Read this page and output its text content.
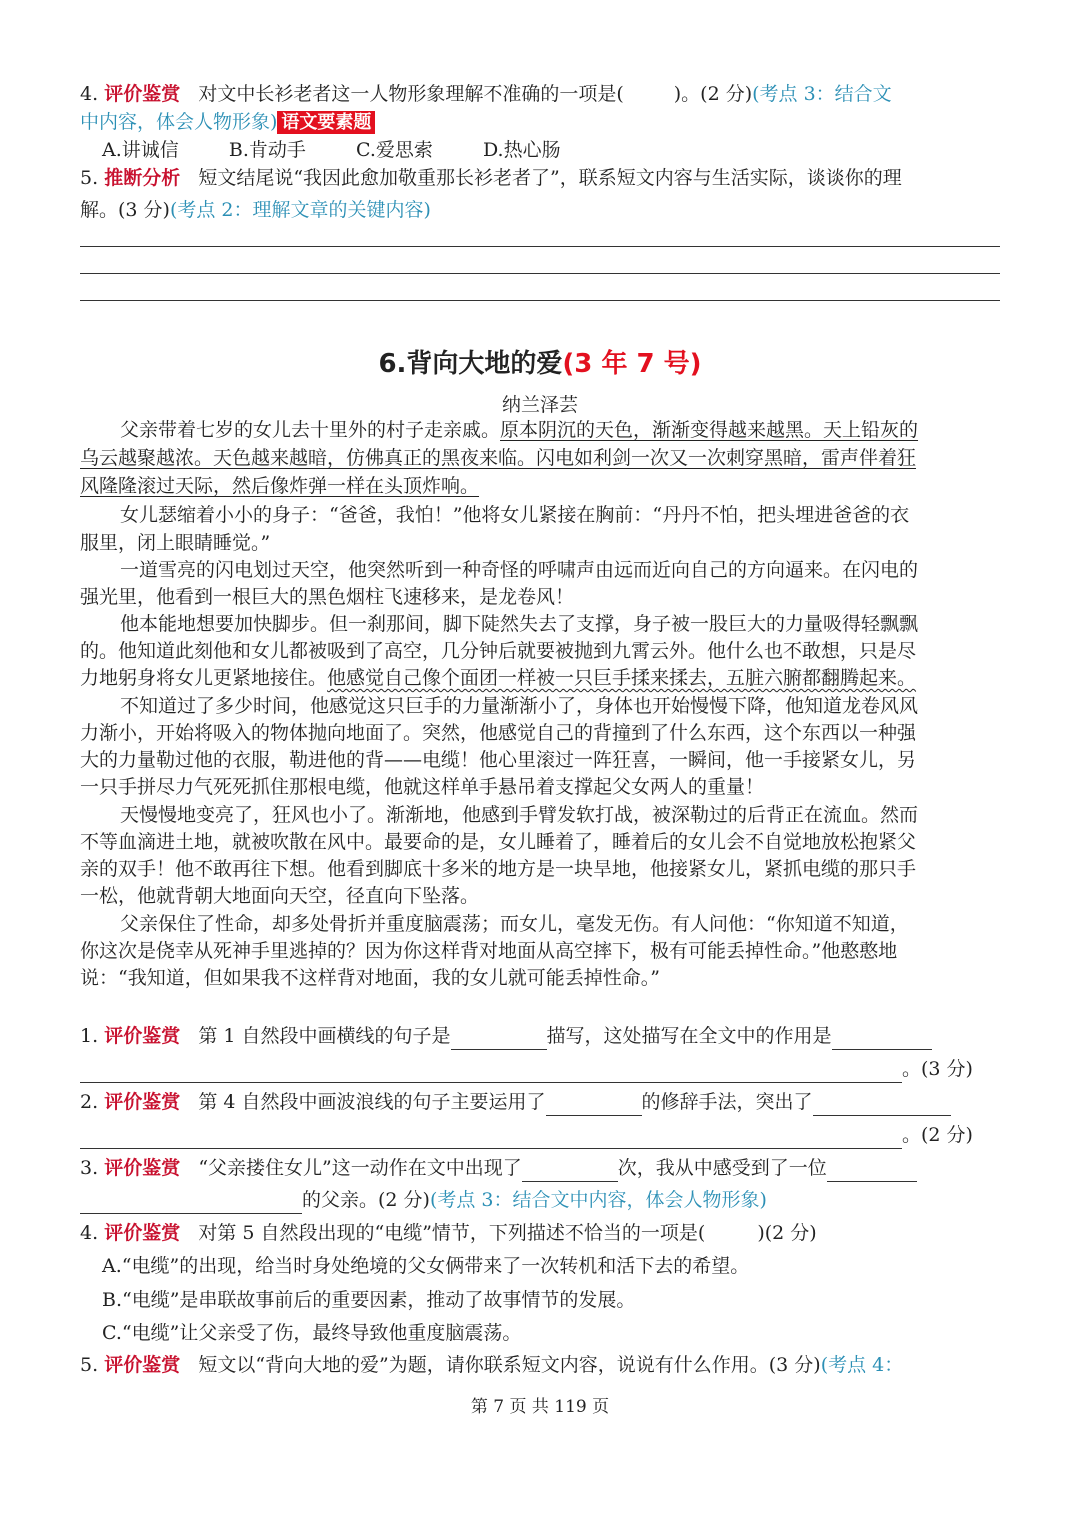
4. 评价鉴赏 对文中长衫老者这一人物形象理解不准确的一项是(	)。(2 分)(考点 3：结合文
中内容，体会人物形象) 语文要素题
A.讲诚信	B.肯动手	C.爱思索	D.热心肠
5. 推断分析 短文结尾说“我因此愈加敬重那长衫老者了”，联系短文内容与生活实际，谈谈你的理
解。(3 分)(考点 2：理解文章的关键内容)
6.背向大地的爱(3 年 7 号)
纳兰泽芸
父亲带着七岁的女儿去十里外的村子走亲戚。原本阴沉的天色，渐渐变得越来越黑。天上铅灰的
乌云越聚越浓。天色越来越暗，仿佛真正的黑夜来临。闪电如利剑一次又一次刺穿黑暗，雷声伴着狂
风隆隆滚过天际，然后像炸弹一样在头顶炸响。
女儿瑟缩着小小的身子：“爸爸，我怕！”他将女儿紧接在胸前：“丹丹不怕，把头埋进爸爸的衣
服里，闭上眼睛睡觉。”
一道雪亮的闪电划过天空，他突然听到一种奇怪的呼啸声由远而近向自己的方向逼来。在闪电的
强光里，他看到一根巨大的黑色烟柱飞速移来，是龙卷风！
他本能地想要加快脚步。但一刹那间，脚下陡然失去了支撑，身子被一股巨大的力量吸得轻飘飘
的。他知道此刻他和女儿都被吸到了高空，几分钟后就要被抛到九霄云外。他什么也不敢想，只是尽
力地躬身将女儿更紧地接住。他感觉自己像个面团一样被一只巨手揉来揉去，五脏六腑都翻腾起来。
不知道过了多少时间，他感觉这只巨手的力量渐渐小了，身体也开始慢慢下降，他知道龙卷风风
力渐小，开始将吸入的物体抛向地面了。突然，他感觉自己的背撞到了什么东西，这个东西以一种强
大的力量勒过他的衣服，勒进他的背——电缆！他心里滚过一阵狂喜，一瞬间，他一手接紧女儿，另
一只手拼尽力气死死抓住那根电缆，他就这样单手悬吊着支撑起父女两人的重量！
天慢慢地变亮了，狂风也小了。渐渐地，他感到手臂发软打战，被深勒过的后背正在流血。然而
不等血滴进土地，就被吹散在风中。最要命的是，女儿睡着了，睡着后的女儿会不自觉地放松抱紧父
亲的双手！他不敢再往下想。他看到脚底十多米的地方是一块旱地，他接紧女儿，紧抓电缆的那只手
一松，他就背朝大地面向天空，径直向下坠落。
父亲保住了性命，却多处骨折并重度脑震荡；而女儿，毫发无伤。有人问他：“你知道不知道，
你这次是侥幸从死神手里逃掉的？因为你这样背对地面从高空摔下，极有可能丢掉性命。”他憨憨地
说：“我知道，但如果我不这样背对地面，我的女儿就可能丢掉性命。”
1. 评价鉴赏 第 1 自然段中画横线的句子是	描写，这处描写在全文中的作用是
。(3 分)
2. 评价鉴赏 第 4 自然段中画波浪线的句子主要运用了	的修辞手法，突出了
。(2 分)
3. 评价鉴赏 “父亲搂住女儿”这一动作在文中出现了	次，我从中感受到了一位
的父亲。(2 分)(考点 3：结合文中内容，体会人物形象)
4. 评价鉴赏 对第 5 自然段出现的“电缆”情节，下列描述不恰当的一项是(	)(2 分)
A.“电缆”的出现，给当时身处绝境的父女俩带来了一次转机和活下去的希望。
B.“电缆”是串联故事前后的重要因素，推动了故事情节的发展。
C.“电缆”让父亲受了伤，最终导致他重度脑震荡。
5. 评价鉴赏 短文以“背向大地的爱”为题，请你联系短文内容，说说有什么作用。(3 分)(考点 4：
第 7 页 共 119 页
